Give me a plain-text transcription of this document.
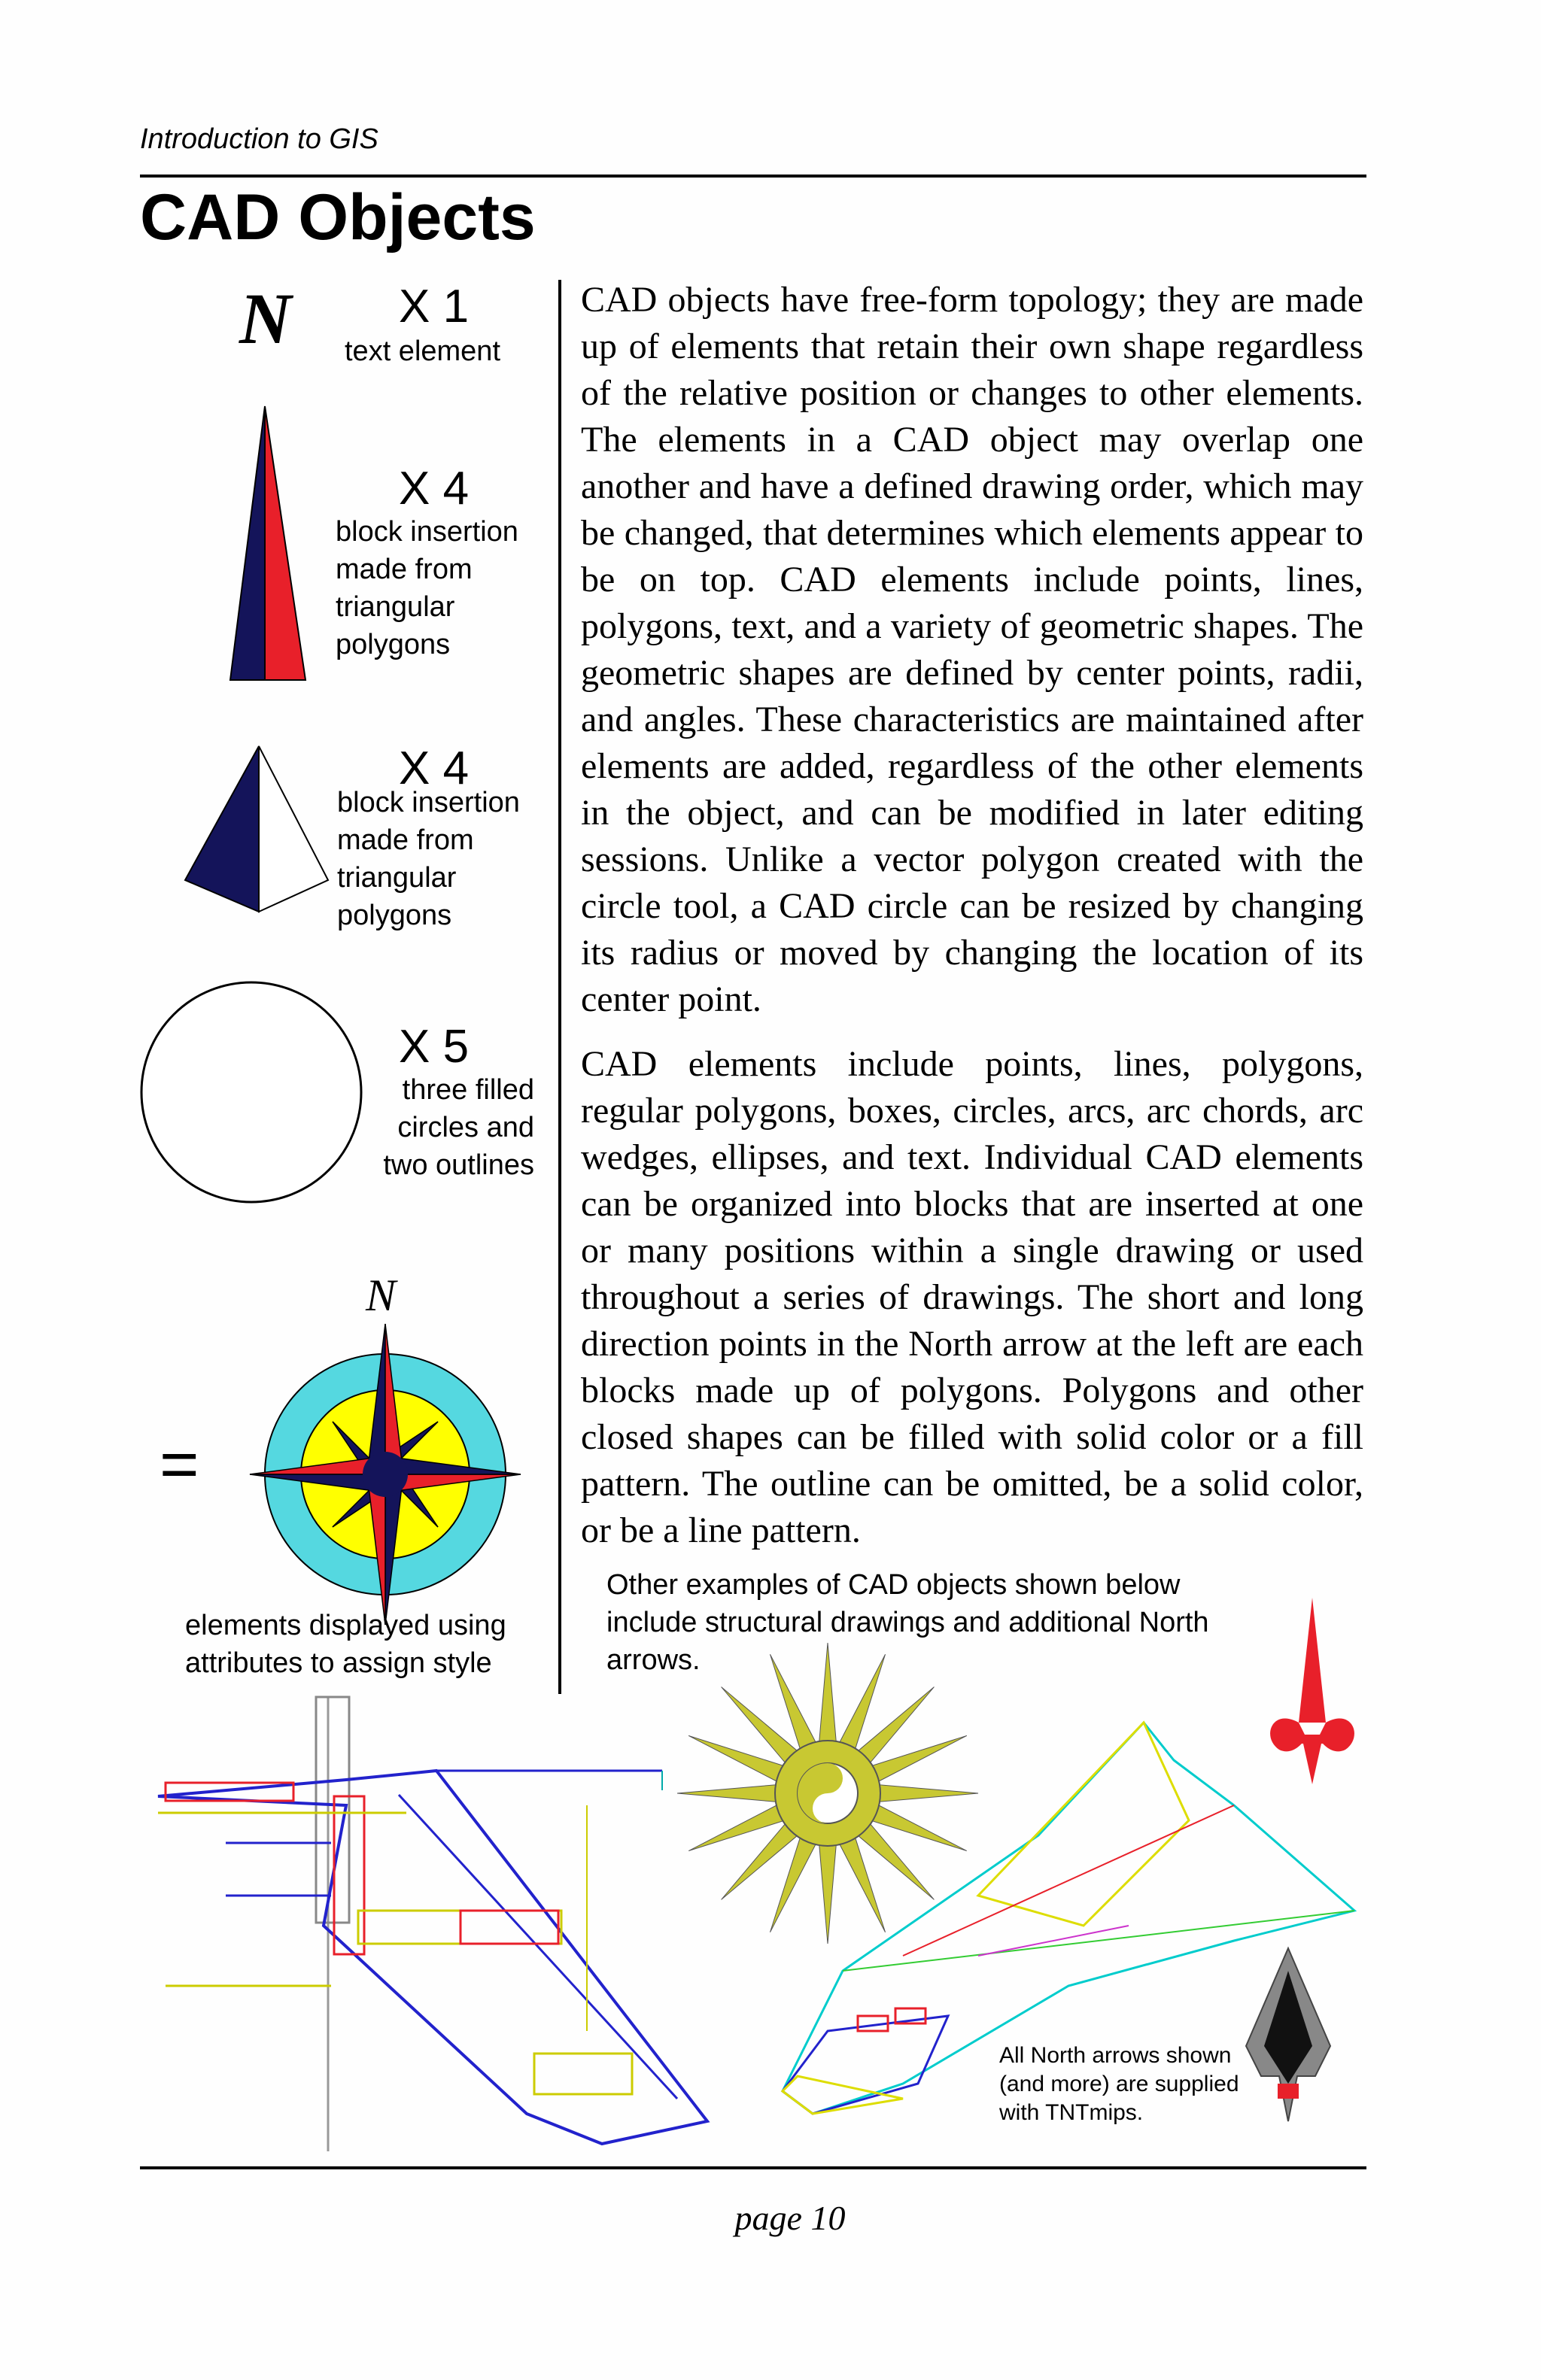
Introduction to GIS
CAD Objects
N X 1
text element
X 4
block insertion
made from
triangular
polygons
X 4
block insertion
made from
triangular
polygons
X 5
three filled
circles and
two outlines
N
=
elements displayed using
attributes to assign style
CAD objects have free-form topology; they are made up of elements that retain their own shape regardless of the relative position or changes to other elements. The elements in a CAD object may overlap one another and have a defined drawing order, which may be changed, that determines which elements appear to be on top. CAD elements include points, lines, polygons, text, and a variety of geometric shapes. The geometric shapes are defined by center points, radii, and angles. These characteristics are maintained after elements are added, regardless of the other elements in the object, and can be modified in later editing sessions. Unlike a vector polygon created with the circle tool, a CAD circle can be resized by changing its radius or moved by changing the location of its center point.
CAD elements include points, lines, polygons, regular polygons, boxes, circles, arcs, arc chords, arc wedges, ellipses, and text. Individual CAD elements can be organized into blocks that are inserted at one or many positions within a single drawing or used throughout a series of drawings. The short and long direction points in the North arrow at the left are each blocks made up of polygons. Polygons and other closed shapes can be filled with solid color or a fill pattern. The outline can be omitted, be a solid color, or be a line pattern.
Other examples of CAD objects shown below
include structural drawings and additional North
arrows.
All North arrows shown
(and more) are supplied
with TNTmips.
page 10
